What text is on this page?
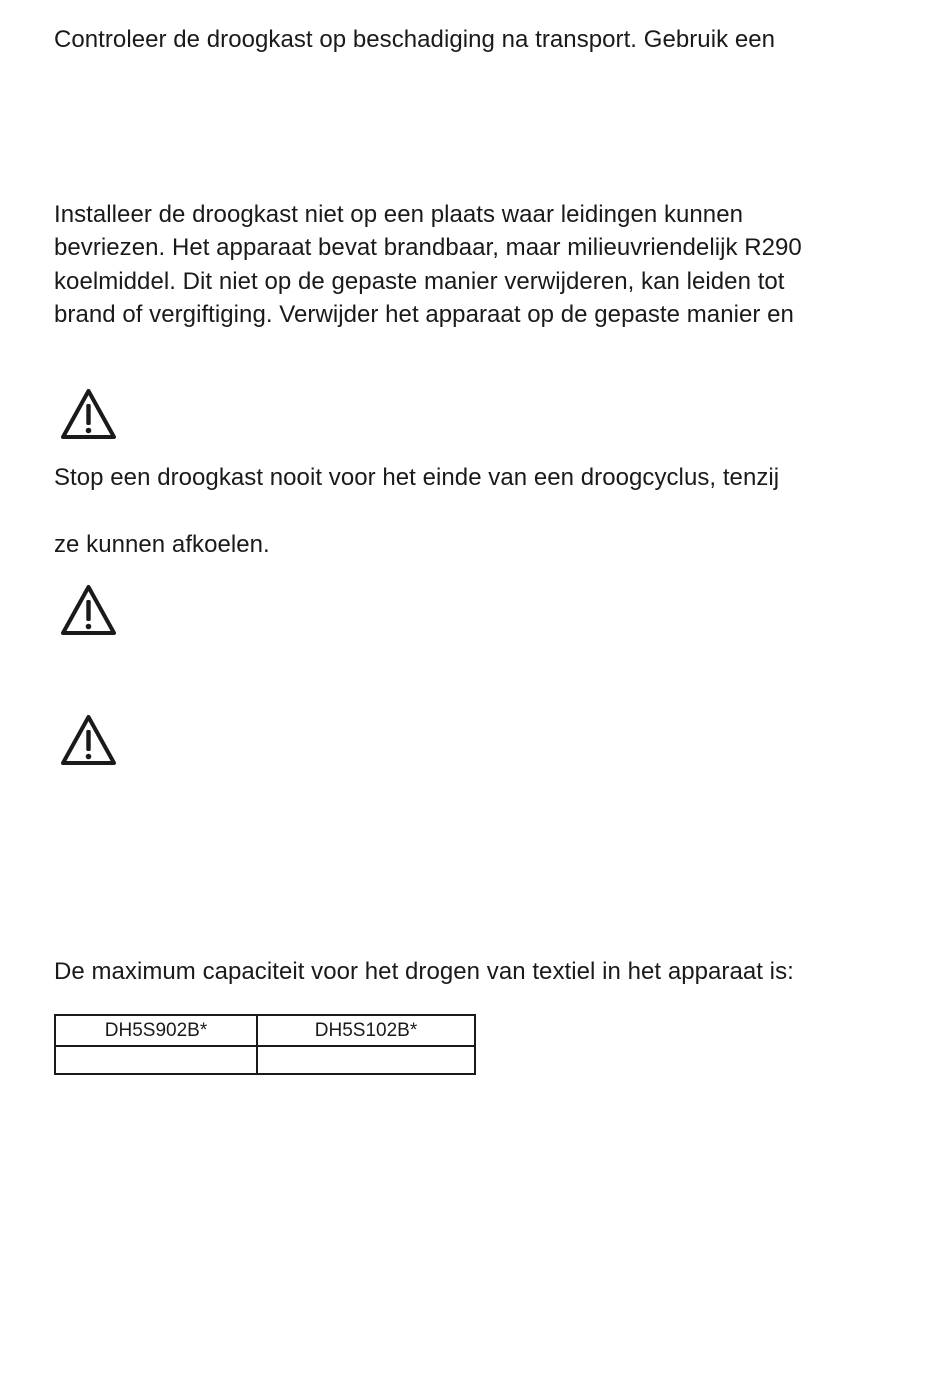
Controleer de droogkast op beschadiging na transport. Gebruik een
Installeer de droogkast niet op een plaats waar leidingen kunnen
bevriezen. Het apparaat bevat brandbaar, maar milieuvriendelijk R290
koelmiddel. Dit niet op de gepaste manier verwijderen, kan leiden tot
brand of vergiftiging. Verwijder het apparaat op de gepaste manier en
Stop een droogkast nooit voor het einde van een droogcyclus, tenzij
ze kunnen afkoelen.
De maximum capaciteit voor het drogen van textiel in het apparaat is:
DH5S902B*	DH5S102B*
